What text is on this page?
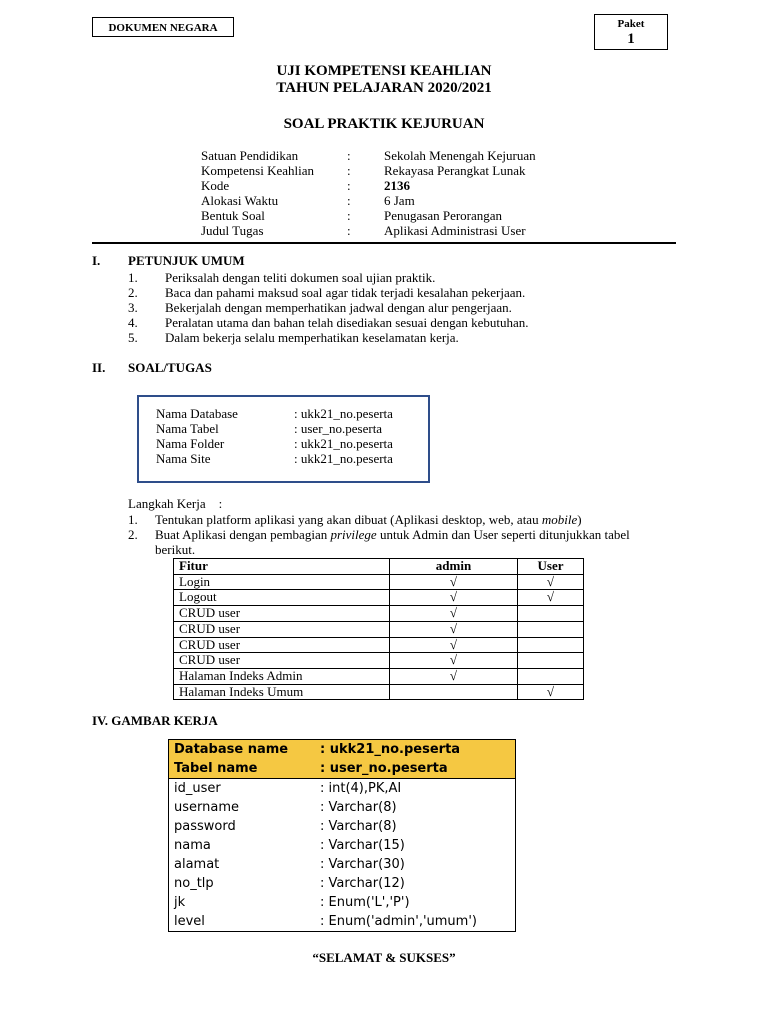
DOKUMEN NEGARA	Paket
1
UJI KOMPETENSI KEAHLIAN
TAHUN PELAJARAN 2020/2021
SOAL PRAKTIK KEJURUAN
Satuan Pendidikan	:	Sekolah Menengah Kejuruan
Kompetensi Keahlian	:	Rekayasa Perangkat Lunak
Kode	:	2136
Alokasi Waktu	:	6 Jam
Bentuk Soal	:	Penugasan Perorangan
Judul Tugas	:	Aplikasi Administrasi User
I. PETUNJUK UMUM
1. Periksalah dengan teliti dokumen soal ujian praktik.
2. Baca dan pahami maksud soal agar tidak terjadi kesalahan pekerjaan.
3. Bekerjalah dengan memperhatikan jadwal dengan alur pengerjaan.
4. Peralatan utama dan bahan telah disediakan sesuai dengan kebutuhan.
5. Dalam bekerja selalu memperhatikan keselamatan kerja.
II. SOAL/TUGAS
Nama Database	: ukk21_no.peserta
Nama Tabel	: user_no.peserta
Nama Folder	: ukk21_no.peserta
Nama Site	: ukk21_no.peserta
Langkah Kerja    :
1. Tentukan platform aplikasi yang akan dibuat (Aplikasi desktop, web, atau mobile)
2. Buat Aplikasi dengan pembagian privilege untuk Admin dan User seperti ditunjukkan tabel
berikut.
Fitur	admin	User
Login	√	√
Logout	√	√
CRUD user	√	
CRUD user	√	
CRUD user	√	
CRUD user	√	
Halaman Indeks Admin	√	
Halaman Indeks Umum		√
IV. GAMBAR KERJA
Database name : ukk21_no.peserta
Tabel name	: user_no.peserta
id_user	: int(4),PK,AI
username	: Varchar(8)
password	: Varchar(8)
nama	: Varchar(15)
alamat	: Varchar(30)
no_tlp	: Varchar(12)
jk	: Enum('L','P')
level	: Enum('admin','umum')
“SELAMAT & SUKSES”
